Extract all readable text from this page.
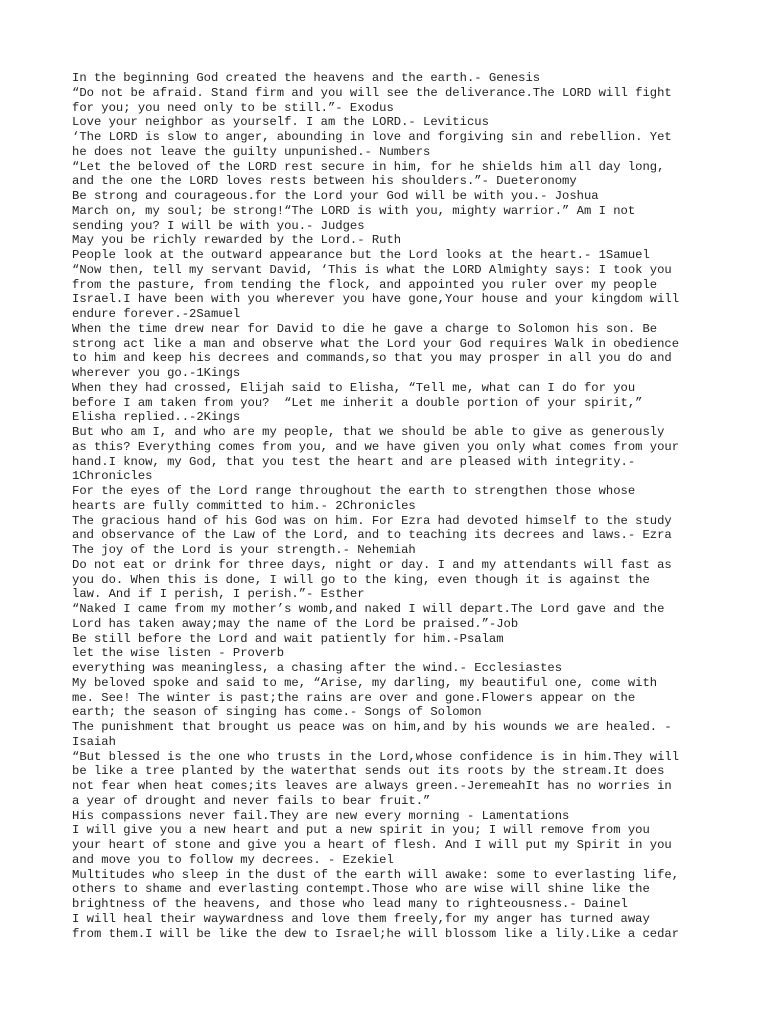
In the beginning God created the heavens and the earth.- Genesis
“Do not be afraid. Stand firm and you will see the deliverance.The LORD will fight
for you; you need only to be still.”- Exodus
Love your neighbor as yourself. I am the LORD.- Leviticus
‘The LORD is slow to anger, abounding in love and forgiving sin and rebellion. Yet
he does not leave the guilty unpunished.- Numbers
“Let the beloved of the LORD rest secure in him, for he shields him all day long,
and the one the LORD loves rests between his shoulders.”- Dueteronomy
Be strong and courageous.for the Lord your God will be with you.- Joshua
March on, my soul; be strong!“The LORD is with you, mighty warrior.” Am I not
sending you? I will be with you.- Judges
May you be richly rewarded by the Lord.- Ruth
People look at the outward appearance but the Lord looks at the heart.- 1Samuel
“Now then, tell my servant David, ‘This is what the LORD Almighty says: I took you
from the pasture, from tending the flock, and appointed you ruler over my people
Israel.I have been with you wherever you have gone,Your house and your kingdom will
endure forever.-2Samuel
When the time drew near for David to die he gave a charge to Solomon his son. Be
strong act like a man and observe what the Lord your God requires Walk in obedience
to him and keep his decrees and commands,so that you may prosper in all you do and
wherever you go.-1Kings
When they had crossed, Elijah said to Elisha, “Tell me, what can I do for you
before I am taken from you?  “Let me inherit a double portion of your spirit,”
Elisha replied..-2Kings
But who am I, and who are my people, that we should be able to give as generously
as this? Everything comes from you, and we have given you only what comes from your
hand.I know, my God, that you test the heart and are pleased with integrity.-
1Chronicles
For the eyes of the Lord range throughout the earth to strengthen those whose
hearts are fully committed to him.- 2Chronicles
The gracious hand of his God was on him. For Ezra had devoted himself to the study
and observance of the Law of the Lord, and to teaching its decrees and laws.- Ezra
The joy of the Lord is your strength.- Nehemiah
Do not eat or drink for three days, night or day. I and my attendants will fast as
you do. When this is done, I will go to the king, even though it is against the
law. And if I perish, I perish.”- Esther
“Naked I came from my mother’s womb,and naked I will depart.The Lord gave and the
Lord has taken away;may the name of the Lord be praised.”-Job
Be still before the Lord and wait patiently for him.-Psalam
let the wise listen - Proverb
everything was meaningless, a chasing after the wind.- Ecclesiastes
My beloved spoke and said to me, “Arise, my darling, my beautiful one, come with
me. See! The winter is past;the rains are over and gone.Flowers appear on the
earth; the season of singing has come.- Songs of Solomon
The punishment that brought us peace was on him,and by his wounds we are healed. -
Isaiah
“But blessed is the one who trusts in the Lord,whose confidence is in him.They will
be like a tree planted by the waterthat sends out its roots by the stream.It does
not fear when heat comes;its leaves are always green.-JeremeahIt has no worries in
a year of drought and never fails to bear fruit.”
His compassions never fail.They are new every morning - Lamentations
I will give you a new heart and put a new spirit in you; I will remove from you
your heart of stone and give you a heart of flesh. And I will put my Spirit in you
and move you to follow my decrees. - Ezekiel
Multitudes who sleep in the dust of the earth will awake: some to everlasting life,
others to shame and everlasting contempt.Those who are wise will shine like the
brightness of the heavens, and those who lead many to righteousness.- Dainel
I will heal their waywardness and love them freely,for my anger has turned away
from them.I will be like the dew to Israel;he will blossom like a lily.Like a cedar
